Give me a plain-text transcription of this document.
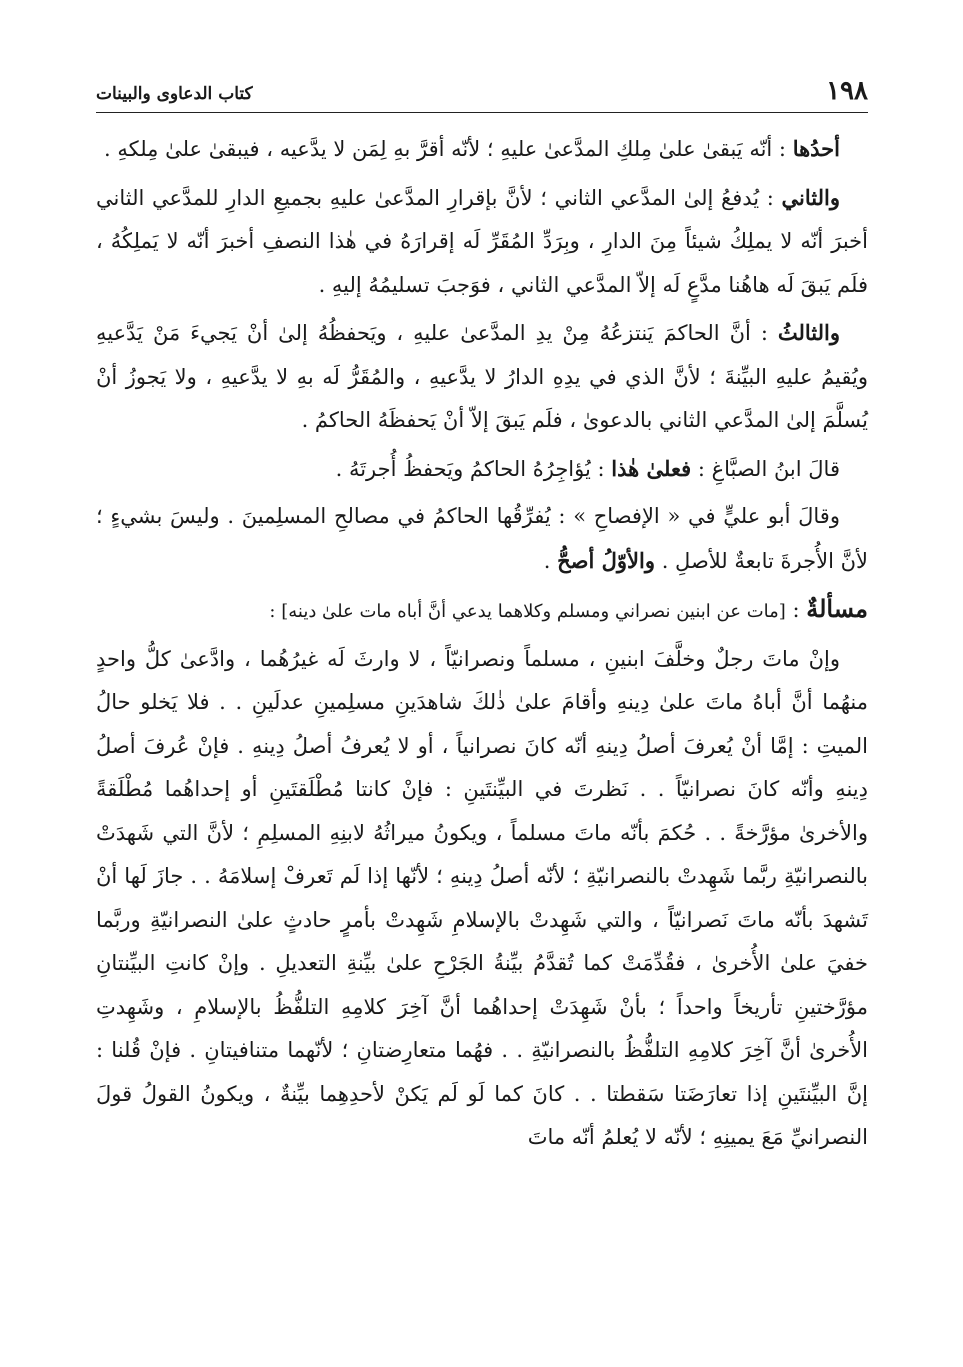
١٩٨
كتاب الدعاوى والبينات

أحدُها : أنّه يَبقىٰ علىٰ مِلكِ المدَّعىٰ عليهِ ؛ لأنّه أقرَّ بهِ لِمَن لا يدَّعيه ، فيبقىٰ علىٰ مِلكهِ .

والثاني : يُدفعُ إلىٰ المدَّعي الثاني ؛ لأنَّ بإقرارِ المدَّعىٰ عليهِ بجميعِ الدارِ للمدَّعي الثاني أخبرَ أنّه لا يملِكُ شيئاً مِنَ الدارِ ، وبِرَدِّ المُقَرِّ لَه إقرارَهُ في هٰذا النصفِ أخبرَ أنّه لا يَملِكُهُ ، فلَم يَبقَ لَه هاهُنا مدَّعٍ لَه إلاّ المدَّعي الثاني ، فوَجبَ تسليمُهُ إليهِ .

والثالثُ : أنَّ الحاكمَ يَنتزعُهُ مِنْ يدِ المدَّعىٰ عليهِ ، ويَحفظُهُ إلىٰ أنْ يَجيءَ مَنْ يَدَّعيهِ ويُقيمُ عليهِ البيِّنةَ ؛ لأنَّ الذي في يدِهِ الدارُ لا يدَّعيهِ ، والمُقَرُّ لَه بهِ لا يدَّعيهِ ، ولا يَجوزُ أنْ يُسلَّمَ إلىٰ المدَّعي الثاني بالدعوىٰ ، فلَم يَبقَ إلاّ أنْ يَحفظَهُ الحاكمُ .

قالَ ابنُ الصبَّاغِ : فعلىٰ هٰذا : يُؤاجِرُهُ الحاكمُ ويَحفظُ أُجرتَهُ .

وقالَ أبو عليٍّ في « الإفصاحِ » : يُفرِّقُها الحاكمُ في مصالحِ المسلِمينَ . وليسَ بشيءٍ ؛ لأنَّ الأُجرةَ تابعةٌ للأصلِ . والأوّلُ أصحُّ .

مسألةٌ : [مات عن ابنين نصراني ومسلم وكلاهما يدعي أنَّ أباه مات علىٰ دينه] :

وإنْ ماتَ رجلٌ وخلَّفَ ابنينِ ، مسلماً ونصرانيّاً ، لا وارثَ لَه غيرُهُما ، وادَّعىٰ كلُّ واحدٍ منهُما أنَّ أباهُ ماتَ علىٰ دِينهِ وأقامَ علىٰ ذٰلكَ شاهدَينِ مسلِمينِ عدلَينِ . . فلا يَخلو حالُ الميتِ : إمَّا أنْ يُعرفَ أصلُ دِينهِ أنّه كانَ نصرانياً ، أو لا يُعرفُ أصلُ دِينهِ . فإنْ عُرفَ أصلُ دِينهِ وأنّه كانَ نصرانيّاً . . نَظرتَ في البيِّنتَينِ : فإنْ كانتا مُطْلَقتَينِ أو إحداهُما مُطْلَقةً والأخرىٰ مؤرَّخةً . . حُكمَ بأنّه ماتَ مسلماً ، ويكونُ ميراثُهُ لابنِهِ المسلِمِ ؛ لأنَّ التي شَهدَتْ بالنصرانيّةِ ربَّما شَهِدتْ بالنصرانيّةِ ؛ لأنّه أصلُ دِينهِ ؛ لأنّها إذا لَم تَعرفْ إسلامَهُ . . جازَ لَها أنْ تَشهدَ بأنّه ماتَ نَصرانيّاً ، والتي شَهِدتْ بالإسلامِ شَهِدتْ بأمرٍ حادثٍ علىٰ النصرانيّةِ وربَّما خفيَ علىٰ الأُخرىٰ ، فقُدِّمَتْ كما تُقدَّمُ بيِّنةُ الجَرْحِ علىٰ بيِّنةِ التعديلِ . وإنْ كانتِ البيِّنتانِ مؤرَّختينِ تأريخاً واحداً ؛ بأنْ شَهِدَتْ إحداهُما أنَّ آخِرَ كلامِهِ التلفُّظُ بالإسلامِ ، وشَهِدتِ الأُخرىٰ أنَّ آخِرَ كلامِهِ التلفُّظُ بالنصرانيّةِ . . فهُما متعارِضتانِ ؛ لأنّهما متنافيتانِ . فإنْ قُلنا : إنَّ البيِّنتَينِ إذا تعارَضَتا سَقطتا . . كانَ كما لَو لَم يَكنْ لأحدِهِما بيِّنةٌ ، ويكونُ القولُ قولَ النصرانيِّ مَعَ يمينِهِ ؛ لأنّه لا يُعلمُ أنّه ماتَ
